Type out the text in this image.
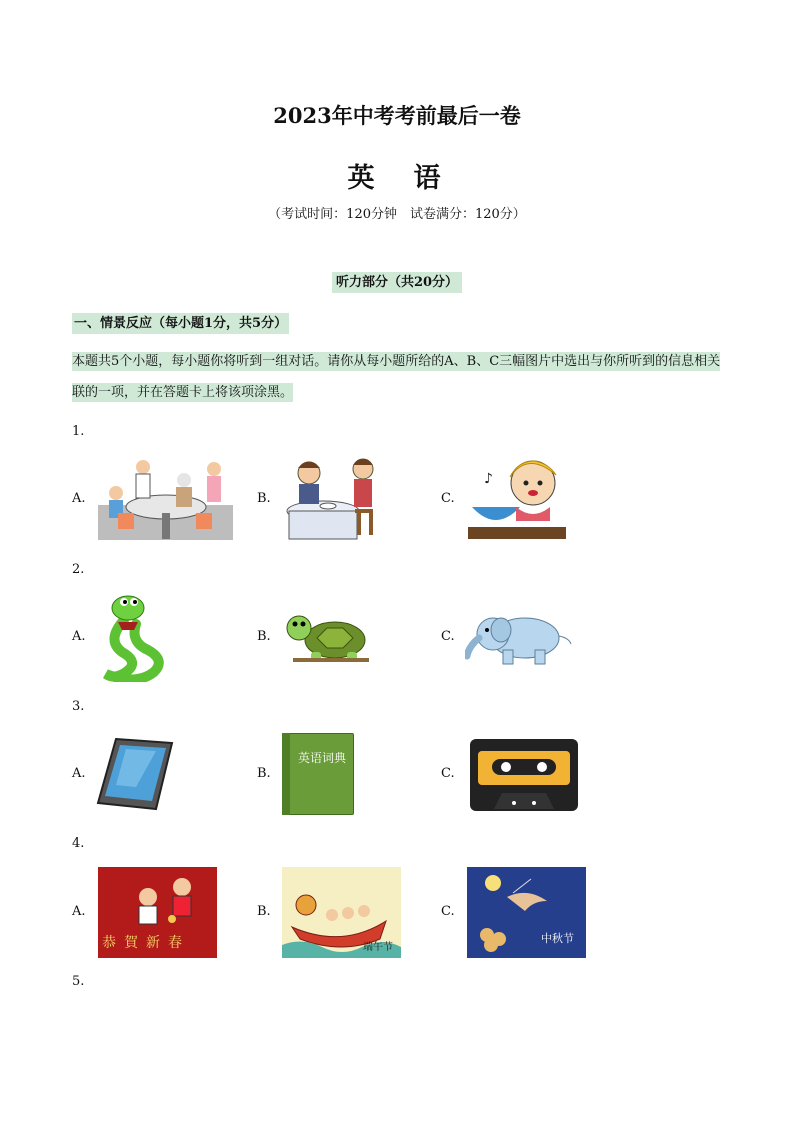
2023年中考考前最后一卷
英　语
（考试时间：120分钟　试卷满分：120分）
听力部分（共20分）
一、情景反应（每小题1分，共5分）
本题共5个小题，每小题你将听到一组对话。请你从每小题所给的A、B、C三幅图片中选出与你所听到的信息相关联的一项，并在答题卡上将该项涂黑。
1.
A.	B.	C.
♪
2.
A.	B.	C.
3.
A.	B.	C.
英语词典
4.
A.	B.	C.
恭賀新春	端午节
中秋节
5.
